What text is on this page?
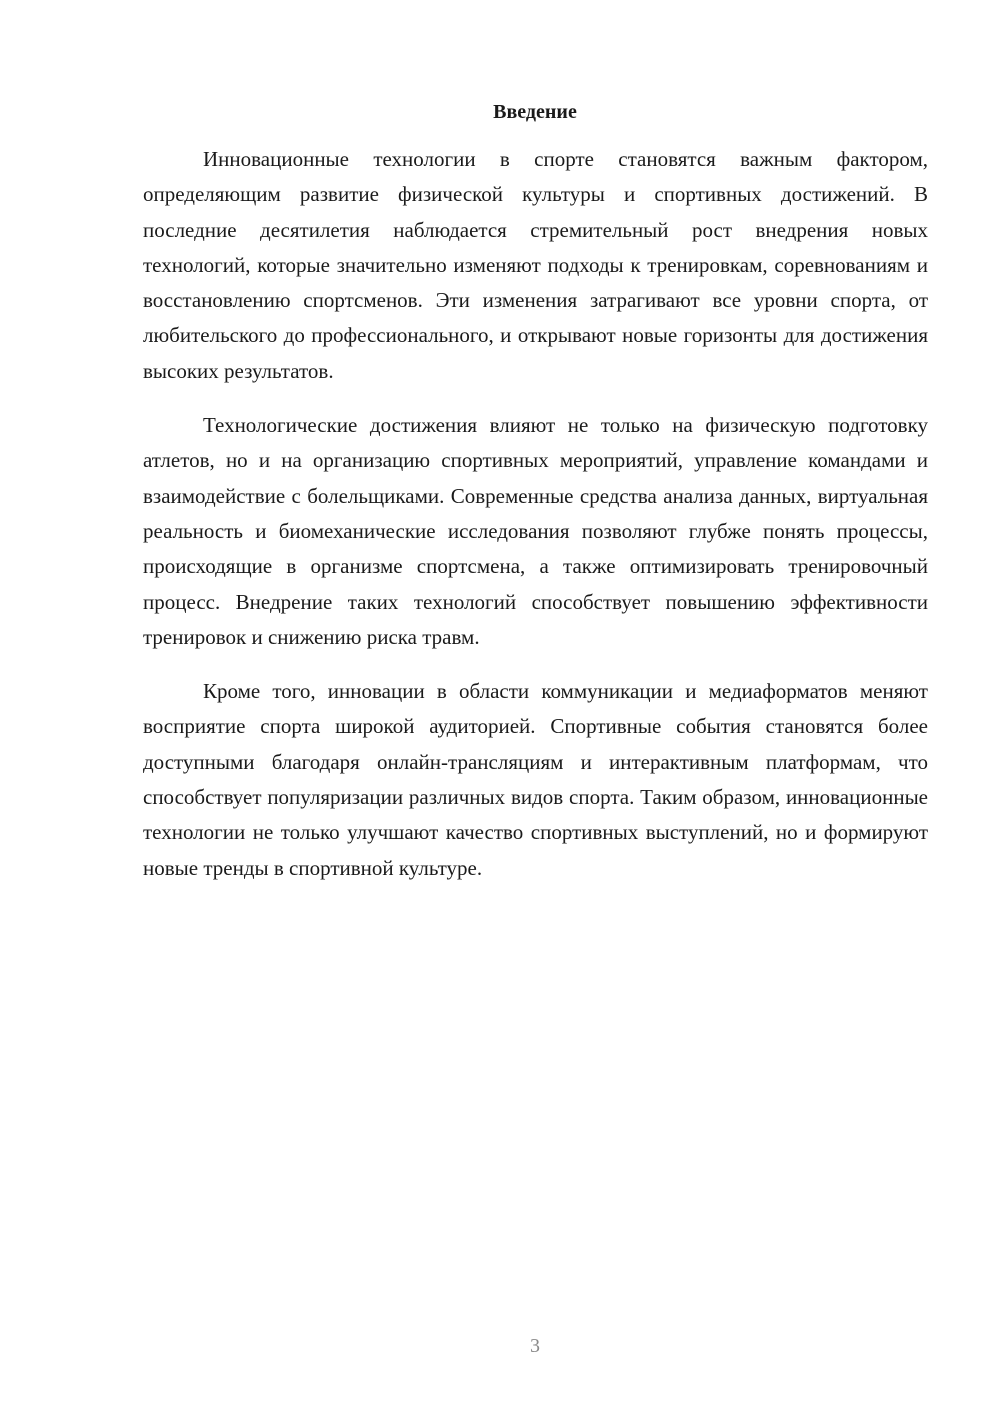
Введение

Инновационные технологии в спорте становятся важным фактором, определяющим развитие физической культуры и спортивных достижений. В последние десятилетия наблюдается стремительный рост внедрения новых технологий, которые значительно изменяют подходы к тренировкам, соревнованиям и восстановлению спортсменов. Эти изменения затрагивают все уровни спорта, от любительского до профессионального, и открывают новые горизонты для достижения высоких результатов.

Технологические достижения влияют не только на физическую подготовку атлетов, но и на организацию спортивных мероприятий, управление командами и взаимодействие с болельщиками. Современные средства анализа данных, виртуальная реальность и биомеханические исследования позволяют глубже понять процессы, происходящие в организме спортсмена, а также оптимизировать тренировочный процесс. Внедрение таких технологий способствует повышению эффективности тренировок и снижению риска травм.

Кроме того, инновации в области коммуникации и медиаформатов меняют восприятие спорта широкой аудиторией. Спортивные события становятся более доступными благодаря онлайн-трансляциям и интерактивным платформам, что способствует популяризации различных видов спорта. Таким образом, инновационные технологии не только улучшают качество спортивных выступлений, но и формируют новые тренды в спортивной культуре.

3
